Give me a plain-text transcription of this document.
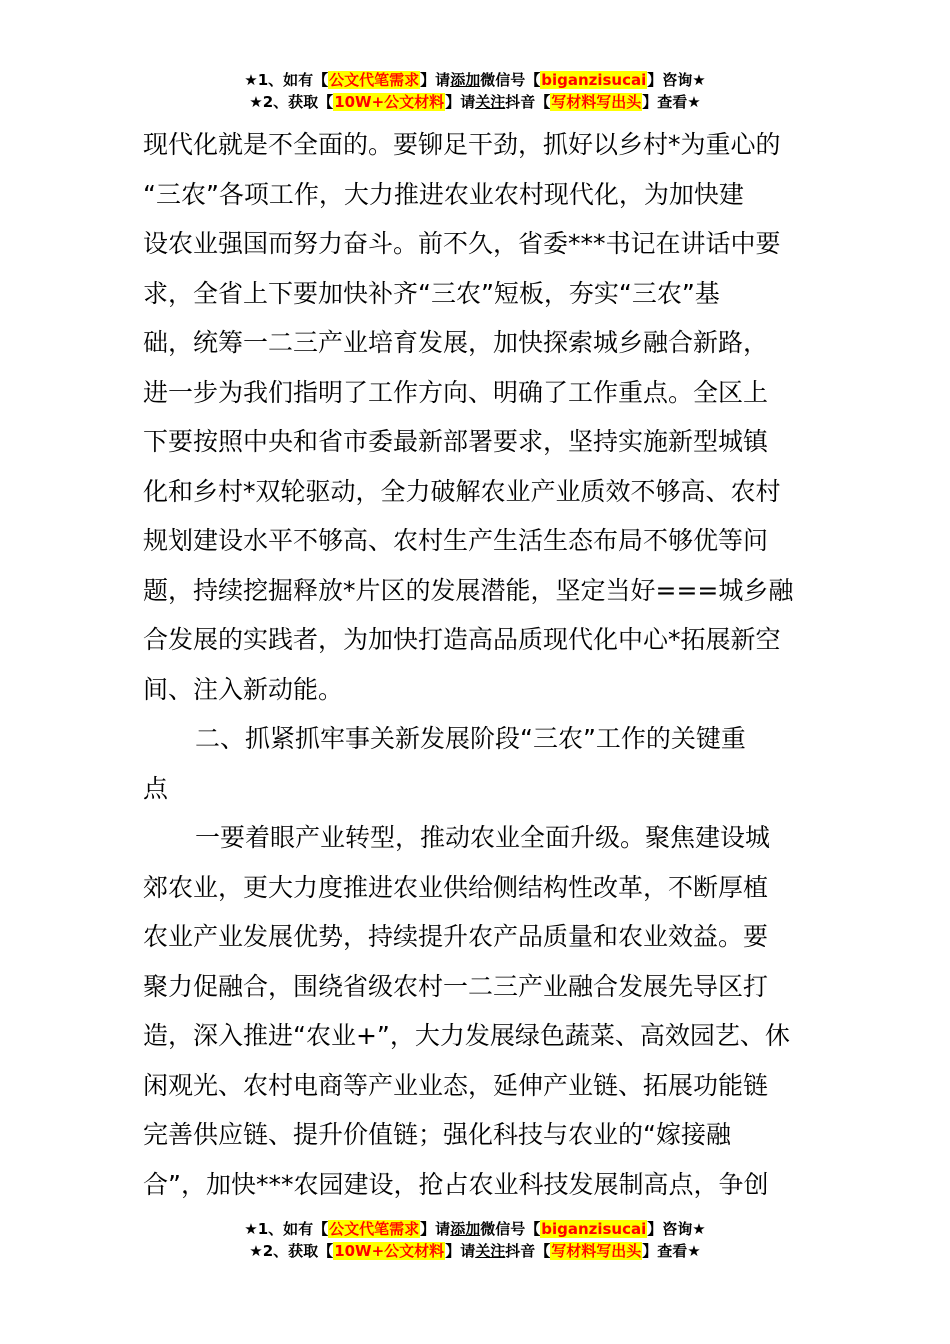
★1、如有【公文代笔需求】请添加微信号【biganzisucai】咨询★
★2、获取【10W+公文材料】请关注抖音【写材料写出头】查看★
现代化就是不全面的。要铆足干劲，抓好以乡村*为重心的
“三农”各项工作，大力推进农业农村现代化，为加快建
设农业强国而努力奋斗。前不久，省委***书记在讲话中要
求，全省上下要加快补齐“三农”短板，夯实“三农”基
础，统筹一二三产业培育发展，加快探索城乡融合新路，
进一步为我们指明了工作方向、明确了工作重点。全区上
下要按照中央和省市委最新部署要求，坚持实施新型城镇
化和乡村*双轮驱动，全力破解农业产业质效不够高、农村
规划建设水平不够高、农村生产生活生态布局不够优等问
题，持续挖掘释放*片区的发展潜能，坚定当好===城乡融
合发展的实践者，为加快打造高品质现代化中心*拓展新空
间、注入新动能。
二、抓紧抓牢事关新发展阶段“三农”工作的关键重
点
一要着眼产业转型，推动农业全面升级。聚焦建设城
郊农业，更大力度推进农业供给侧结构性改革，不断厚植
农业产业发展优势，持续提升农产品质量和农业效益。要
聚力促融合，围绕省级农村一二三产业融合发展先导区打
造，深入推进“农业+”，大力发展绿色蔬菜、高效园艺、休
闲观光、农村电商等产业业态，延伸产业链、拓展功能链
完善供应链、提升价值链；强化科技与农业的“嫁接融
合”，加快***农园建设，抢占农业科技发展制高点，争创
★1、如有【公文代笔需求】请添加微信号【biganzisucai】咨询★
★2、获取【10W+公文材料】请关注抖音【写材料写出头】查看★
